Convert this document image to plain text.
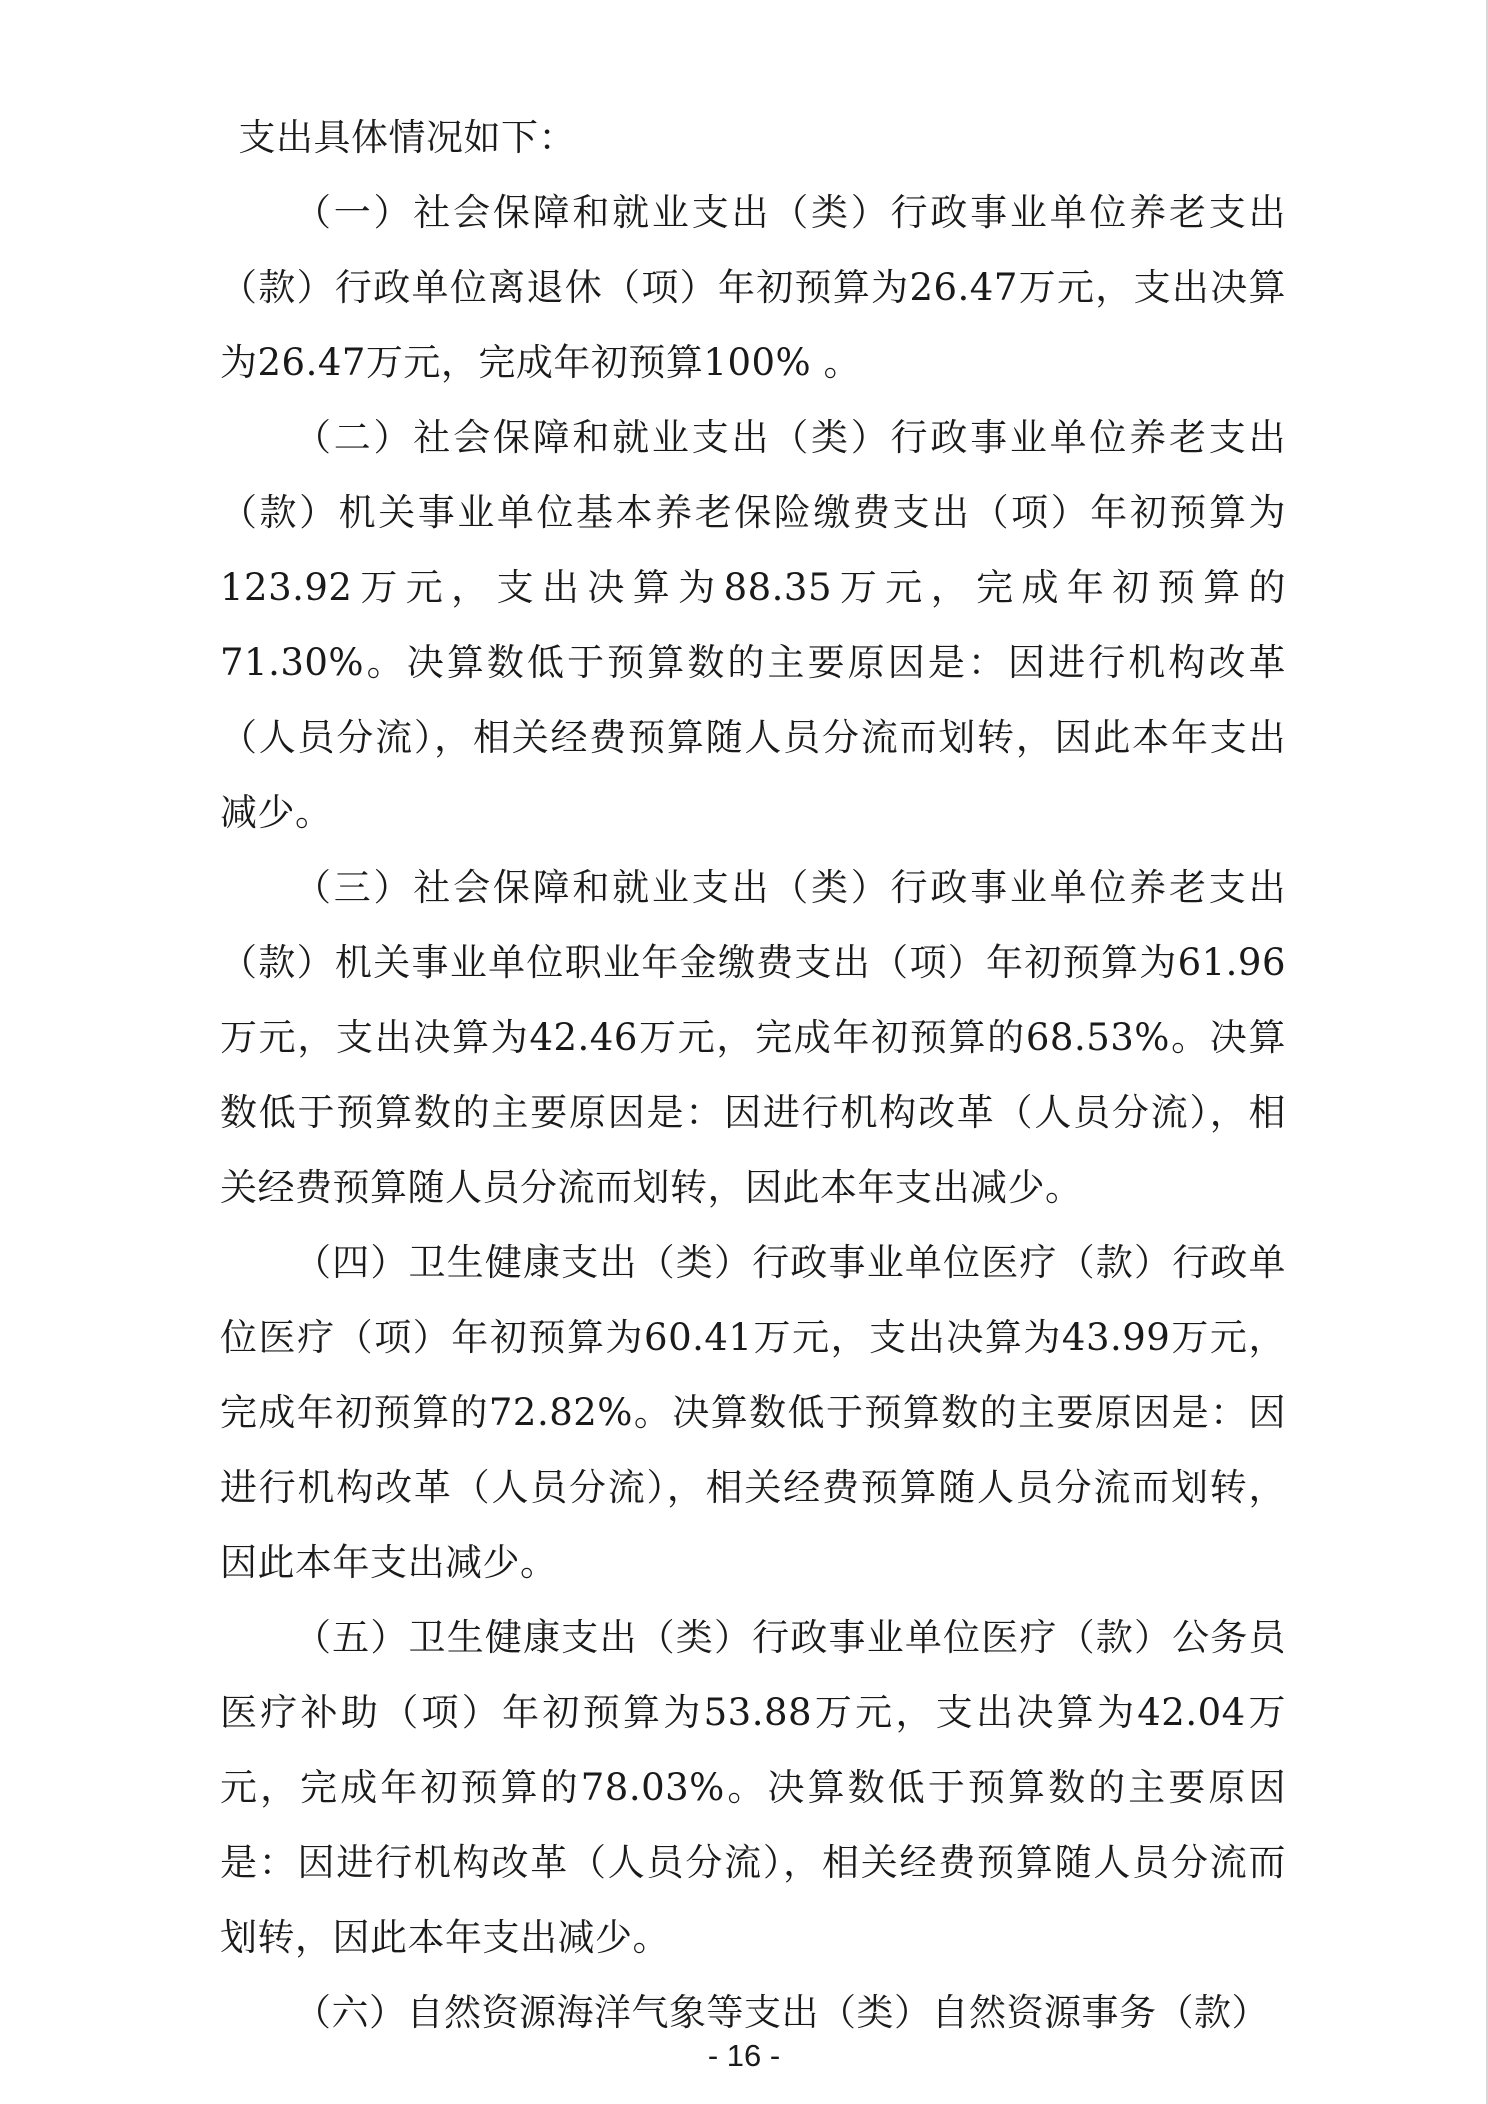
支出具体情况如下：

（一）社会保障和就业支出（类）行政事业单位养老支出（款）行政单位离退休（项）年初预算为26.47万元，支出决算为26.47万元，完成年初预算100% 。

（二）社会保障和就业支出（类）行政事业单位养老支出（款）机关事业单位基本养老保险缴费支出（项）年初预算为123.92万元，支出决算为88.35万元，完成年初预算的71.30%。决算数低于预算数的主要原因是：因进行机构改革（人员分流），相关经费预算随人员分流而划转，因此本年支出减少。

（三）社会保障和就业支出（类）行政事业单位养老支出（款）机关事业单位职业年金缴费支出（项）年初预算为61.96万元，支出决算为42.46万元，完成年初预算的68.53%。决算数低于预算数的主要原因是：因进行机构改革（人员分流），相关经费预算随人员分流而划转，因此本年支出减少。

（四）卫生健康支出（类）行政事业单位医疗（款）行政单位医疗（项）年初预算为60.41万元，支出决算为43.99万元，完成年初预算的72.82%。决算数低于预算数的主要原因是：因进行机构改革（人员分流），相关经费预算随人员分流而划转，因此本年支出减少。

（五）卫生健康支出（类）行政事业单位医疗（款）公务员医疗补助（项）年初预算为53.88万元，支出决算为42.04万元，完成年初预算的78.03%。决算数低于预算数的主要原因是：因进行机构改革（人员分流），相关经费预算随人员分流而划转，因此本年支出减少。

（六）自然资源海洋气象等支出（类）自然资源事务（款）

- 16 -
